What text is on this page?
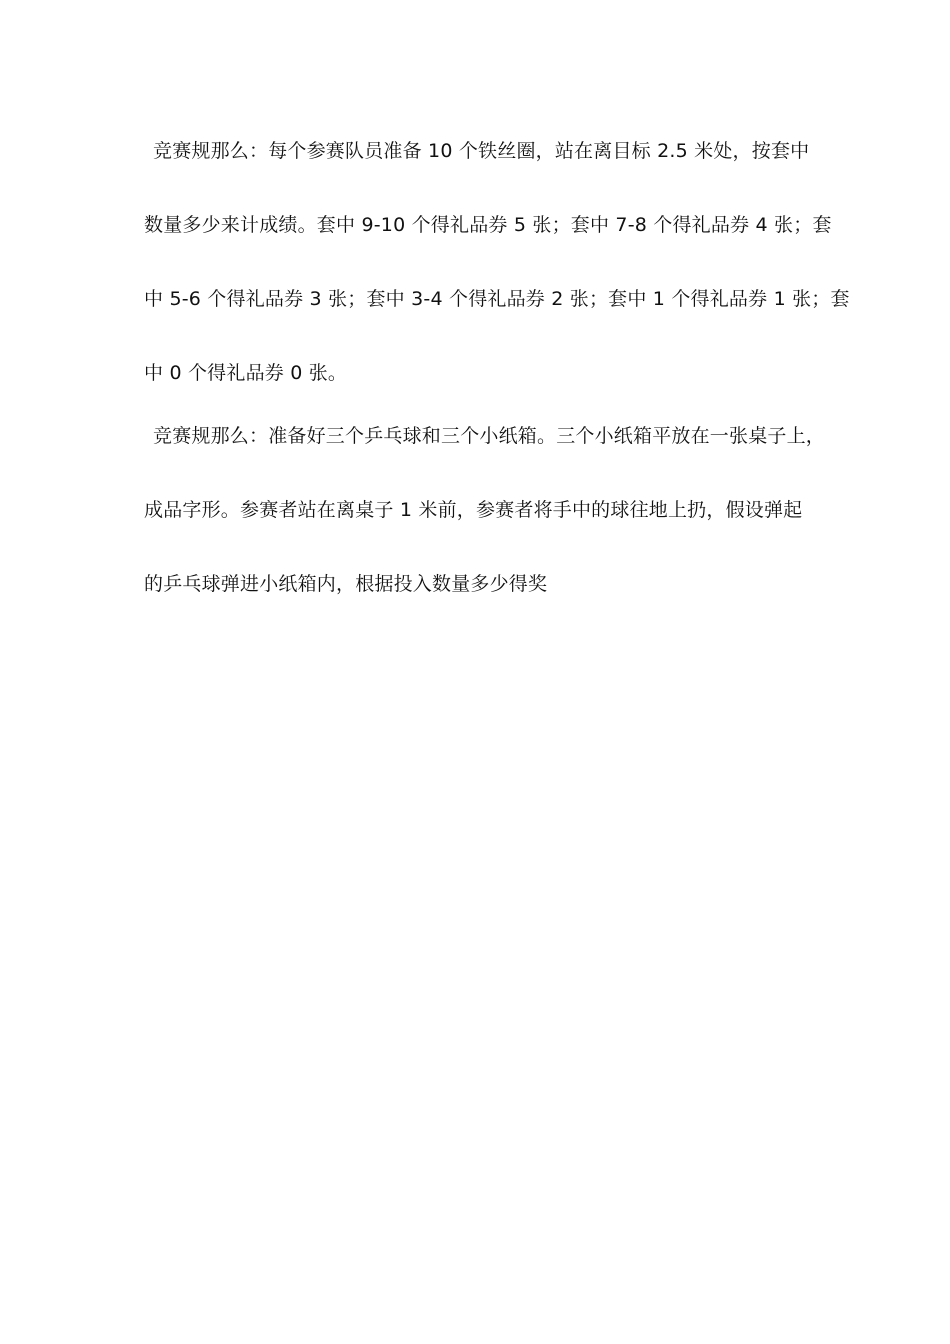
竞赛规那么：每个参赛队员准备 10 个铁丝圈，站在离目标 2.5 米处，按套中
数量多少来计成绩。套中 9-10 个得礼品券 5 张；套中 7-8 个得礼品券 4 张；套
中 5-6 个得礼品券 3 张；套中 3-4 个得礼品券 2 张；套中 1 个得礼品券 1 张；套
中 0 个得礼品券 0 张。

竞赛规那么：准备好三个乒乓球和三个小纸箱。三个小纸箱平放在一张桌子上，
成品字形。参赛者站在离桌子 1 米前，参赛者将手中的球往地上扔，假设弹起
的乒乓球弹进小纸箱内，根据投入数量多少得奖
